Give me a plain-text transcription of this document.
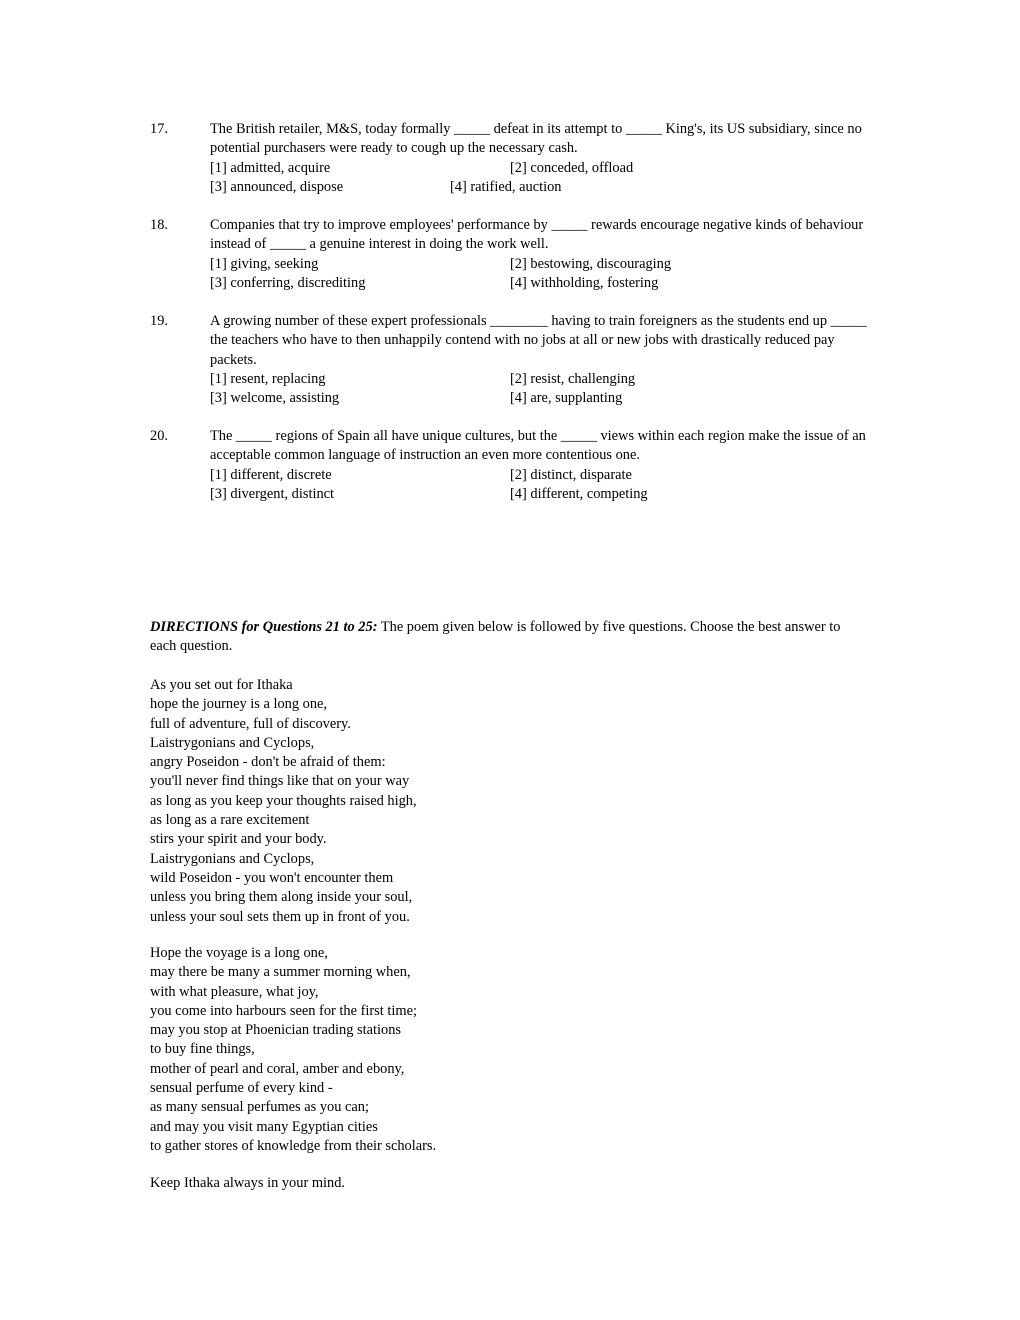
17.	The British retailer, M&S, today formally _____ defeat in its attempt to _____ King's, its US subsidiary, since no potential purchasers were ready to cough up the necessary cash.

[1] admitted, acquire	[2] conceded, offload
[3] announced, dispose	[4] ratified, auction
18.	Companies that try to improve employees' performance by _____ rewards encourage negative kinds of behaviour instead of _____ a genuine interest in doing the work well.

[1] giving, seeking	[2] bestowing, discouraging
[3] conferring, discrediting	[4] withholding, fostering
19.	A growing number of these expert professionals ________ having to train foreigners as the students end up _____ the teachers who have to then unhappily contend with no jobs at all or new jobs with drastically reduced pay packets.

[1] resent, replacing	[2] resist, challenging
[3] welcome, assisting	[4] are, supplanting
20.	The _____ regions of Spain all have unique cultures, but the _____ views within each region make the issue of an acceptable common language of instruction an even more contentious one.

[1] different, discrete	[2] distinct, disparate
[3] divergent, distinct	[4] different, competing

DIRECTIONS for Questions 21 to 25: The poem given below is followed by five questions. Choose the best answer to each question.

As you set out for Ithaka
hope the journey is a long one,
full of adventure, full of discovery.
Laistrygonians and Cyclops,
angry Poseidon - don't be afraid of them:
you'll never find things like that on your way
as long as you keep your thoughts raised high,
as long as a rare excitement
stirs your spirit and your body.
Laistrygonians and Cyclops,
wild Poseidon - you won't encounter them
unless you bring them along inside your soul,
unless your soul sets them up in front of you.
Hope the voyage is a long one,
may there be many a summer morning when,
with what pleasure, what joy,
you come into harbours seen for the first time;
may you stop at Phoenician trading stations
to buy fine things,
mother of pearl and coral, amber and ebony,
sensual perfume of every kind -
as many sensual perfumes as you can;
and may you visit many Egyptian cities
to gather stores of knowledge from their scholars.
Keep Ithaka always in your mind.
